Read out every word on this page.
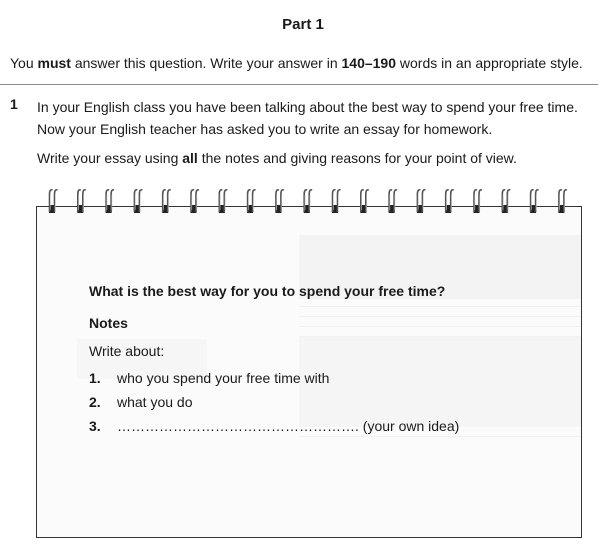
Part 1
You must answer this question. Write your answer in 140–190 words in an appropriate style.
1 In your English class you have been talking about the best way to spend your free time. Now your English teacher has asked you to write an essay for homework.
Write your essay using all the notes and giving reasons for your point of view.
What is the best way for you to spend your free time?
Notes
Write about:
1. who you spend your free time with
2. what you do
3. ……………………………………………. (your own idea)
